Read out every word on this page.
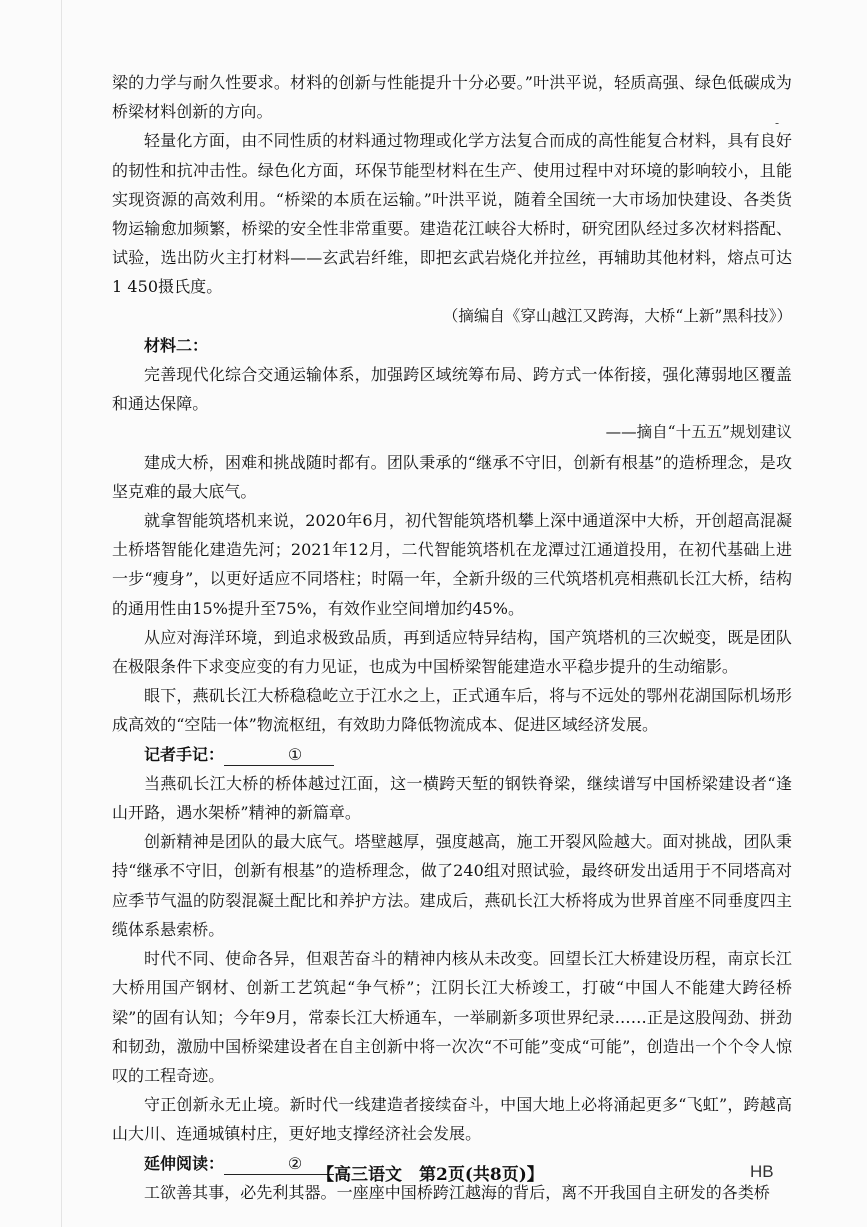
-

梁的力学与耐久性要求。材料的创新与性能提升十分必要。”叶洪平说，轻质高强、绿色低碳成为桥梁材料创新的方向。

轻量化方面，由不同性质的材料通过物理或化学方法复合而成的高性能复合材料，具有良好的韧性和抗冲击性。绿色化方面，环保节能型材料在生产、使用过程中对环境的影响较小，且能实现资源的高效利用。“桥梁的本质在运输。”叶洪平说，随着全国统一大市场加快建设、各类货物运输愈加频繁，桥梁的安全性非常重要。建造花江峡谷大桥时，研究团队经过多次材料搭配、试验，选出防火主打材料——玄武岩纤维，即把玄武岩烧化并拉丝，再辅助其他材料，熔点可达1 450摄氏度。

（摘编自《穿山越江又跨海，大桥“上新”黑科技》）

材料二：

完善现代化综合交通运输体系，加强跨区域统筹布局、跨方式一体衔接，强化薄弱地区覆盖和通达保障。

——摘自“十五五”规划建议

建成大桥，困难和挑战随时都有。团队秉承的“继承不守旧，创新有根基”的造桥理念，是攻坚克难的最大底气。

就拿智能筑塔机来说，2020年6月，初代智能筑塔机攀上深中通道深中大桥，开创超高混凝土桥塔智能化建造先河；2021年12月，二代智能筑塔机在龙潭过江通道投用，在初代基础上进一步“瘦身”，以更好适应不同塔柱；时隔一年，全新升级的三代筑塔机亮相燕矶长江大桥，结构的通用性由15%提升至75%，有效作业空间增加约45%。

从应对海洋环境，到追求极致品质，再到适应特异结构，国产筑塔机的三次蜕变，既是团队在极限条件下求变应变的有力见证，也成为中国桥梁智能建造水平稳步提升的生动缩影。

眼下，燕矶长江大桥稳稳屹立于江水之上，正式通车后，将与不远处的鄂州花湖国际机场形成高效的“空陆一体”物流枢纽，有效助力降低物流成本、促进区域经济发展。

记者手记：	①

当燕矶长江大桥的桥体越过江面，这一横跨天堑的钢铁脊梁，继续谱写中国桥梁建设者“逢山开路，遇水架桥”精神的新篇章。

创新精神是团队的最大底气。塔壁越厚，强度越高，施工开裂风险越大。面对挑战，团队秉持“继承不守旧，创新有根基”的造桥理念，做了240组对照试验，最终研发出适用于不同塔高对应季节气温的防裂混凝土配比和养护方法。建成后，燕矶长江大桥将成为世界首座不同垂度四主缆体系悬索桥。

时代不同、使命各异，但艰苦奋斗的精神内核从未改变。回望长江大桥建设历程，南京长江大桥用国产钢材、创新工艺筑起“争气桥”；江阴长江大桥竣工，打破“中国人不能建大跨径桥梁”的固有认知；今年9月，常泰长江大桥通车，一举刷新多项世界纪录……正是这股闯劲、拼劲和韧劲，激励中国桥梁建设者在自主创新中将一次次“不可能”变成“可能”，创造出一个个令人惊叹的工程奇迹。

守正创新永无止境。新时代一线建造者接续奋斗，中国大地上必将涌起更多“飞虹”，跨越高山大川、连通城镇村庄，更好地支撑经济社会发展。

延伸阅读：	②

工欲善其事，必先利其器。一座座中国桥跨江越海的背后，离不开我国自主研发的各类桥

【高三语文　第2页(共8页)】	HB
